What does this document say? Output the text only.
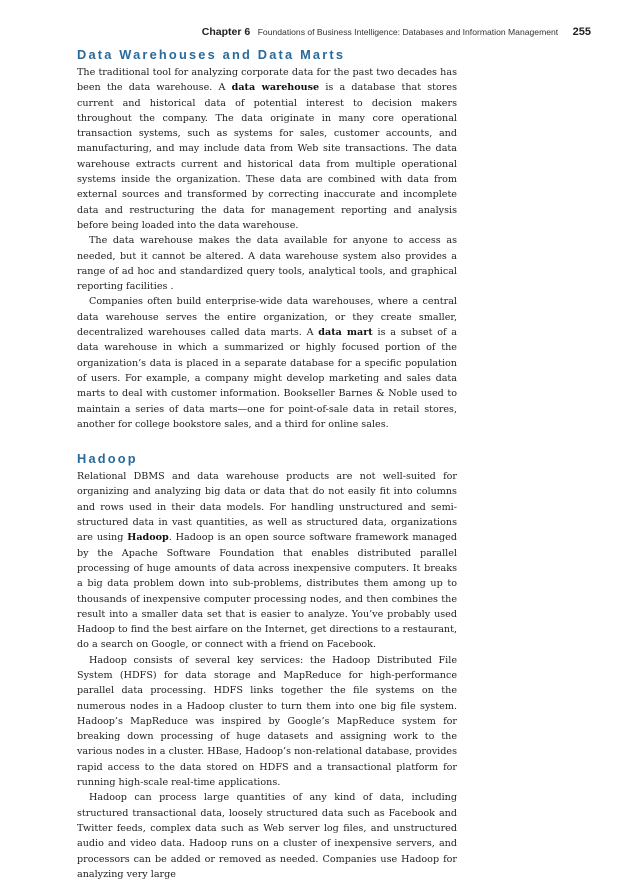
Chapter 6 Foundations of Business Intelligence: Databases and Information Management 255
Data Warehouses and Data Marts

The traditional tool for analyzing corporate data for the past two decades has been the data warehouse. A data warehouse is a database that stores current and historical data of potential interest to decision makers throughout the company. The data originate in many core operational transaction systems, such as systems for sales, customer accounts, and manufacturing, and may include data from Web site transactions. The data warehouse extracts current and historical data from multiple operational systems inside the organization. These data are combined with data from external sources and transformed by correcting inaccurate and incomplete data and restructuring the data for management reporting and analysis before being loaded into the data warehouse.

The data warehouse makes the data available for anyone to access as needed, but it cannot be altered. A data warehouse system also provides a range of ad hoc and standardized query tools, analytical tools, and graphical reporting facilities .

Companies often build enterprise-wide data warehouses, where a central data warehouse serves the entire organization, or they create smaller, decentralized warehouses called data marts. A data mart is a subset of a data warehouse in which a summarized or highly focused portion of the organization’s data is placed in a separate database for a specific population of users. For example, a company might develop marketing and sales data marts to deal with customer information. Bookseller Barnes & Noble used to maintain a series of data marts—one for point-of-sale data in retail stores, another for college bookstore sales, and a third for online sales.

Hadoop

Relational DBMS and data warehouse products are not well-suited for organizing and analyzing big data or data that do not easily fit into columns and rows used in their data models. For handling unstructured and semi-structured data in vast quantities, as well as structured data, organizations are using Hadoop. Hadoop is an open source software framework managed by the Apache Software Foundation that enables distributed parallel processing of huge amounts of data across inexpensive computers. It breaks a big data problem down into sub-problems, distributes them among up to thousands of inexpensive computer processing nodes, and then combines the result into a smaller data set that is easier to analyze. You’ve probably used Hadoop to find the best airfare on the Internet, get directions to a restaurant, do a search on Google, or connect with a friend on Facebook.

Hadoop consists of several key services: the Hadoop Distributed File System (HDFS) for data storage and MapReduce for high-performance parallel data processing. HDFS links together the file systems on the numerous nodes in a Hadoop cluster to turn them into one big file system. Hadoop’s MapReduce was inspired by Google’s MapReduce system for breaking down processing of huge datasets and assigning work to the various nodes in a cluster. HBase, Hadoop’s non-relational database, provides rapid access to the data stored on HDFS and a transactional platform for running high-scale real-time applications.

Hadoop can process large quantities of any kind of data, including structured transactional data, loosely structured data such as Facebook and Twitter feeds, complex data such as Web server log files, and unstructured audio and video data. Hadoop runs on a cluster of inexpensive servers, and processors can be added or removed as needed. Companies use Hadoop for analyzing very large
